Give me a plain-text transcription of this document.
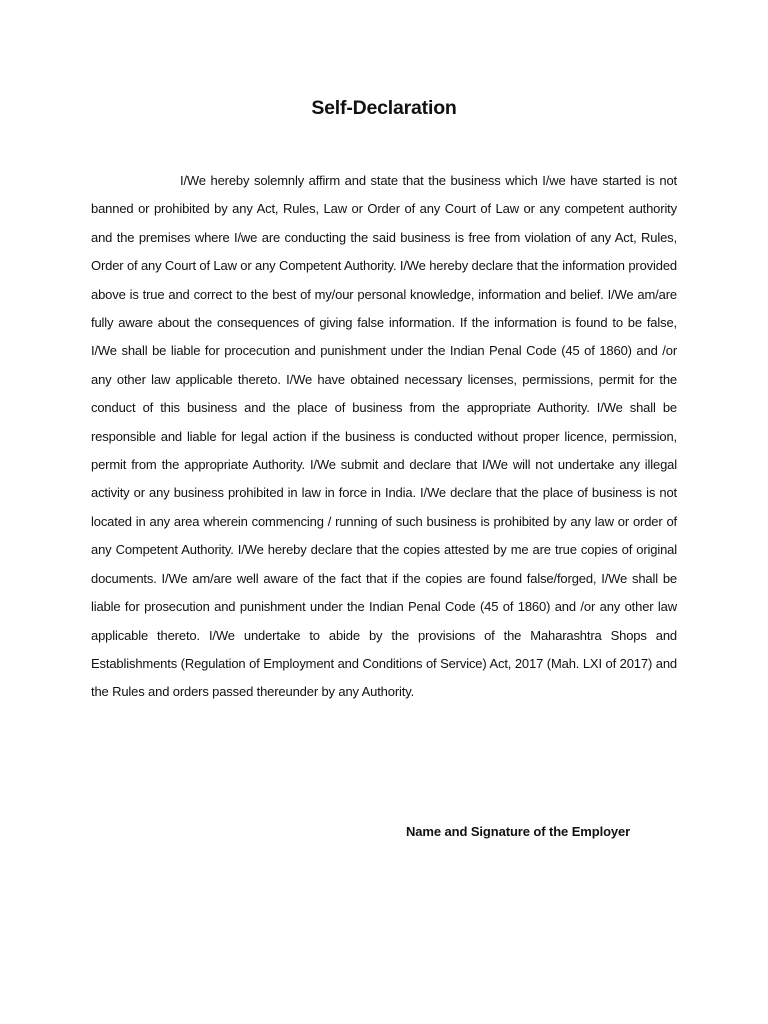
Self-Declaration

I/We hereby solemnly affirm and state that the business which I/we have started is not banned or prohibited by any Act, Rules, Law or Order of any Court of Law or any competent authority and the premises where I/we are conducting the said business is free from violation of any Act, Rules, Order of any Court of Law or any Competent Authority. I/We hereby declare that the information provided above is true and correct to the best of my/our personal knowledge, information and belief. I/We am/are fully aware about the consequences of giving false information. If the information is found to be false, I/We shall be liable for procecution and punishment under the Indian Penal Code (45 of 1860) and /or any other law applicable thereto. I/We have obtained necessary licenses, permissions, permit for the conduct of this business and the place of business from the appropriate Authority. I/We shall be responsible and liable for legal action if the business is conducted without proper licence, permission, permit from the appropriate Authority. I/We submit and declare that I/We will not undertake any illegal activity or any business prohibited in law in force in India. I/We declare that the place of business is not located in any area wherein commencing / running of such business is prohibited by any law or order of any Competent Authority. I/We hereby declare that the copies attested by me are true copies of original documents. I/We am/are well aware of the fact that if the copies are found false/forged, I/We shall be liable for prosecution and punishment under the Indian Penal Code (45 of 1860) and /or any other law applicable thereto. I/We undertake to abide by the provisions of the Maharashtra Shops and Establishments (Regulation of Employment and Conditions of Service) Act, 2017 (Mah. LXI of 2017) and the Rules and orders passed thereunder by any Authority.

Name and Signature of the Employer
